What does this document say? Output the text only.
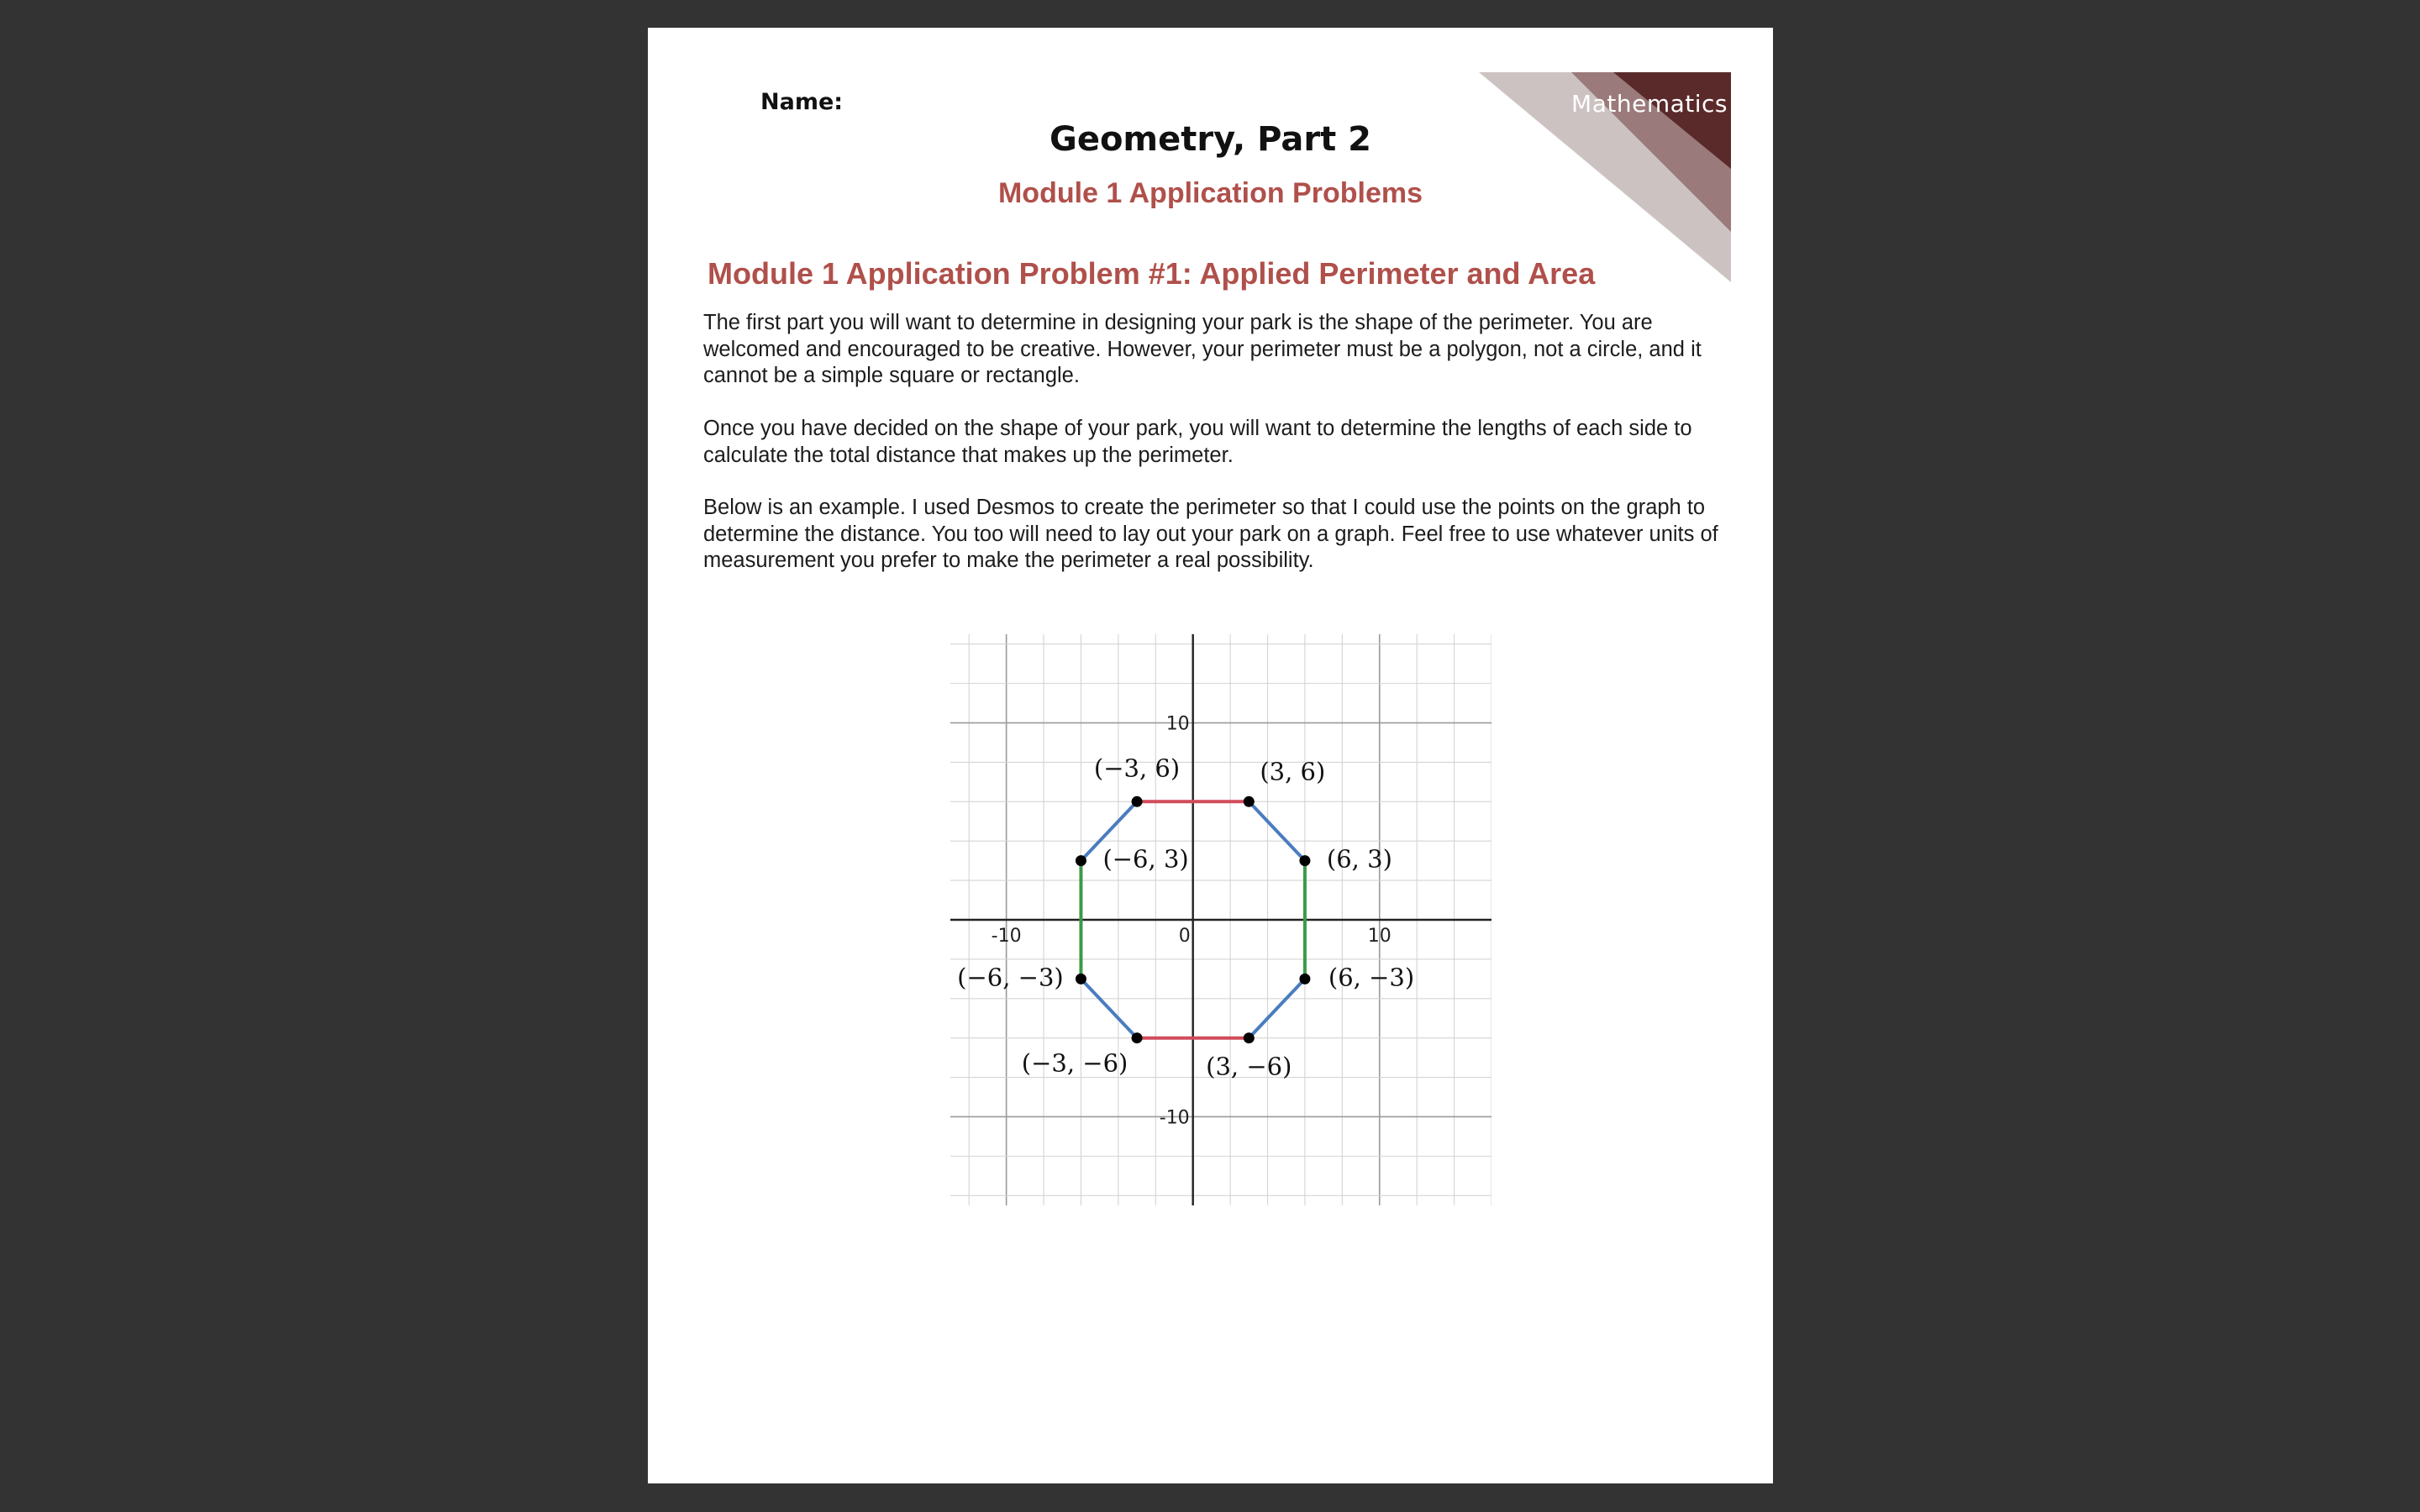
Mathematics
Name:
Geometry, Part 2
Module 1 Application Problems
Module 1 Application Problem #1: Applied Perimeter and Area

The first part you will want to determine in designing your park is the shape of the perimeter. You are welcomed and encouraged to be creative. However, your perimeter must be a polygon, not a circle, and it cannot be a simple square or rectangle.

Once you have decided on the shape of your park, you will want to determine the lengths of each side to calculate the total distance that makes up the perimeter.

Below is an example. I used Desmos to create the perimeter so that I could use the points on the graph to determine the distance. You too will need to lay out your park on a graph. Feel free to use whatever units of measurement you prefer to make the perimeter a real possibility.

-10	0	10
10
-10
(−3, 6)	(3, 6)
(6, 3)
(6, −3)
(3, −6)
(−3, −6)
(−6, −3)
(−6, 3)
